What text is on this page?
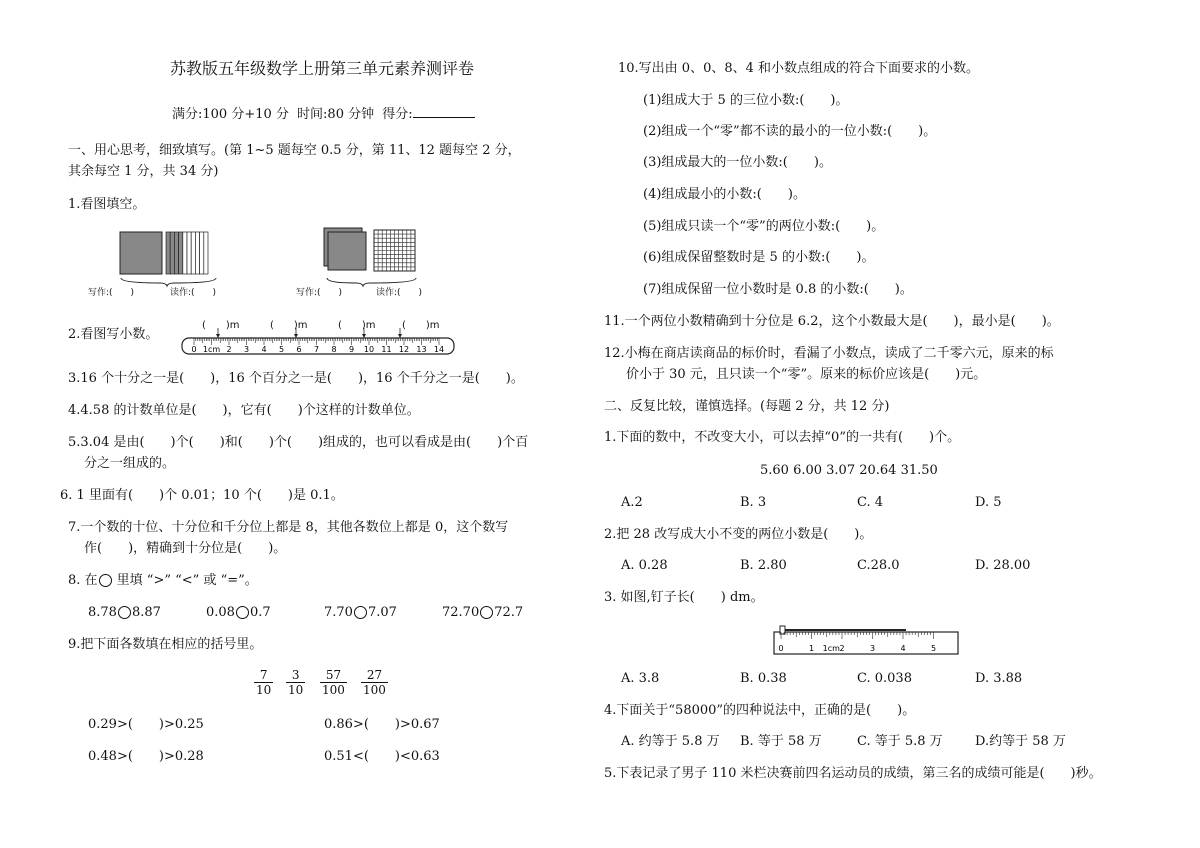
苏教版五年级数学上册第三单元素养测评卷
满分:100 分+10 分 时间:80 分钟 得分:
一、用心思考，细致填写。(第 1~5 题每空 0.5 分，第 11、12 题每空 2 分，
其余每空 1 分，共 34 分)
1.看图填空。
写作:(　　)	读作:(　　)	写作:(　　)	读作:(　　)
2.看图写小数。
(　　)m	(　　)m	(　　)m	(　　)m
0 1cm 2 3 4 5 6 7 8 9 10 11 12 13 14
3.16 个十分之一是(　　)，16 个百分之一是(　　)，16 个千分之一是(　　)。
4.4.58 的计数单位是(　　)，它有(　　)个这样的计数单位。
5.3.04 是由(　　)个(　　)和(　　)个(　　)组成的，也可以看成是由(　　)个百
分之一组成的。
6. 1 里面有(　　)个 0.01；10 个(　　)是 0.1。
7.一个数的十位、十分位和千分位上都是 8，其他各数位上都是 0，这个数写
作(　　)，精确到十分位是(　　)。
8. 在 里填 “>” “<” 或 “=”。
8.78 8.87	0.08 0.7	7.70 7.07	72.70 72.7
9.把下面各数填在相应的括号里。
$\frac{7}{10} \frac{3}{10} \frac{57}{100} \frac{27}{100}$
0.29>(　　)>0.25	0.86>(　　)>0.67
0.48>(　　)>0.28	0.51<(　　)<0.63
10.写出由 0、0、8、4 和小数点组成的符合下面要求的小数。
(1)组成大于 5 的三位小数:(　　)。
(2)组成一个“零”都不读的最小的一位小数:(　　)。
(3)组成最大的一位小数:(　　)。
(4)组成最小的小数:(　　)。
(5)组成只读一个“零”的两位小数:(　　)。
(6)组成保留整数时是 5 的小数:(　　)。
(7)组成保留一位小数时是 0.8 的小数:(　　)。
11.一个两位小数精确到十分位是 6.2，这个小数最大是(　　)，最小是(　　)。
12.小梅在商店读商品的标价时，看漏了小数点，读成了二千零六元，原来的标
价小于 30 元，且只读一个“零”。原来的标价应该是(　　)元。
二、反复比较，谨慎选择。(每题 2 分，共 12 分)
1.下面的数中，不改变大小，可以去掉“0”的一共有(　　)个。
5.60 6.00 3.07 20.64 31.50
A.2	B. 3	C. 4	D. 5
2.把 28 改写成大小不变的两位小数是(　　)。
A. 0.28	B. 2.80	C.28.0	D. 28.00
3. 如图,钉子长(　　) dm。
0	1 1cm 2	3	4	5
A. 3.8	B. 0.38	C. 0.038	D. 3.88
4.下面关于“58000”的四种说法中，正确的是(　　)。
A. 约等于 5.8 万 B. 等于 58 万	C. 等于 5.8 万 D.约等于 58 万
5.下表记录了男子 110 米栏决赛前四名运动员的成绩，第三名的成绩可能是(　　)秒。
